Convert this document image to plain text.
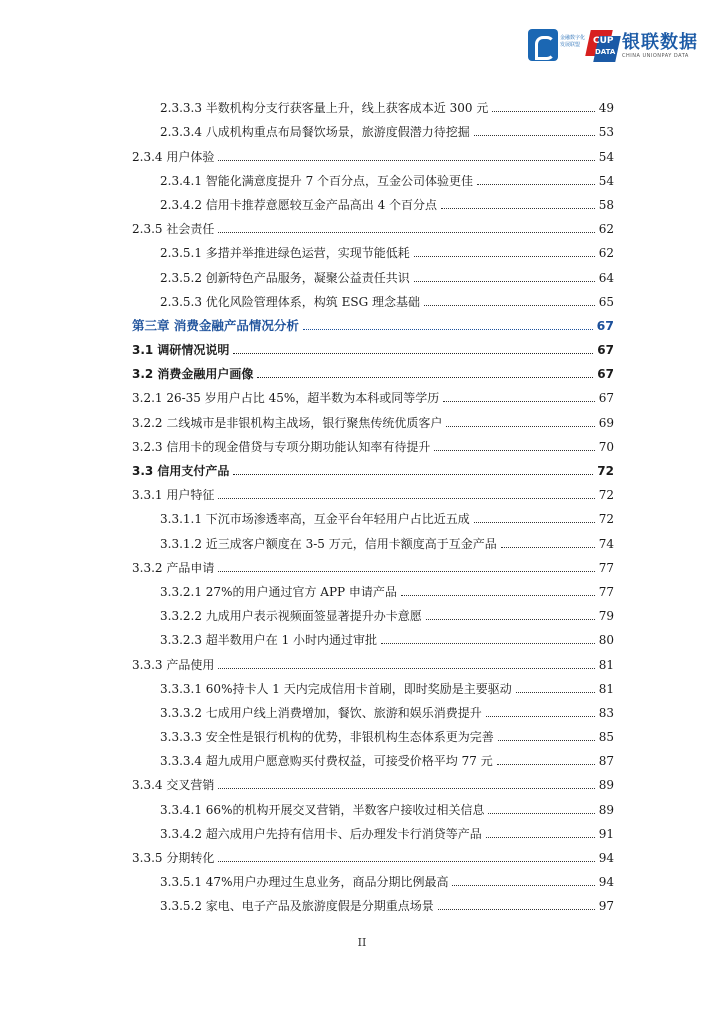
金融数字化
发展联盟	CUP
DATA 银联数据
CHINA UNIONPAY DATA
2.3.3.3 半数机构分支行获客量上升，线上获客成本近 300 元	49
2.3.3.4 八成机构重点布局餐饮场景，旅游度假潜力待挖掘	53
2.3.4 用户体验	54
2.3.4.1 智能化满意度提升 7 个百分点，互金公司体验更佳	54
2.3.4.2 信用卡推荐意愿较互金产品高出 4 个百分点	58
2.3.5 社会责任	62
2.3.5.1 多措并举推进绿色运营，实现节能低耗	62
2.3.5.2 创新特色产品服务，凝聚公益责任共识	64
2.3.5.3 优化风险管理体系，构筑 ESG 理念基础	65
第三章 消费金融产品情况分析	67
3.1 调研情况说明	67
3.2 消费金融用户画像	67
3.2.1 26-35 岁用户占比 45%，超半数为本科或同等学历	67
3.2.2 二线城市是非银机构主战场，银行聚焦传统优质客户	69
3.2.3 信用卡的现金借贷与专项分期功能认知率有待提升	70
3.3 信用支付产品	72
3.3.1 用户特征	72
3.3.1.1 下沉市场渗透率高，互金平台年轻用户占比近五成	72
3.3.1.2 近三成客户额度在 3-5 万元，信用卡额度高于互金产品	74
3.3.2 产品申请	77
3.3.2.1 27%的用户通过官方 APP 申请产品	77
3.3.2.2 九成用户表示视频面签显著提升办卡意愿	79
3.3.2.3 超半数用户在 1 小时内通过审批	80
3.3.3 产品使用	81
3.3.3.1 60%持卡人 1 天内完成信用卡首刷，即时奖励是主要驱动	81
3.3.3.2 七成用户线上消费增加，餐饮、旅游和娱乐消费提升	83
3.3.3.3 安全性是银行机构的优势，非银机构生态体系更为完善	85
3.3.3.4 超九成用户愿意购买付费权益，可接受价格平均 77 元	87
3.3.4 交叉营销	89
3.3.4.1 66%的机构开展交叉营销，半数客户接收过相关信息	89
3.3.4.2 超六成用户先持有信用卡、后办理发卡行消贷等产品	91
3.3.5 分期转化	94
3.3.5.1 47%用户办理过生息业务，商品分期比例最高	94
3.3.5.2 家电、电子产品及旅游度假是分期重点场景	97
II
